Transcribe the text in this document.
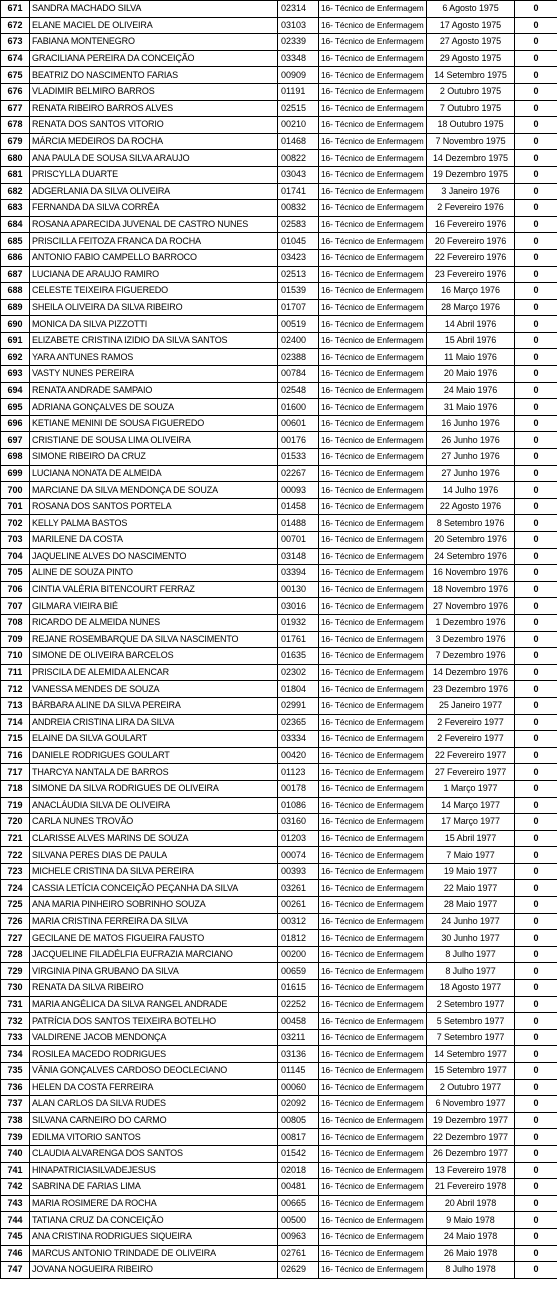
671	SANDRA MACHADO SILVA	02314	16- Técnico de Enfermagem	6 Agosto 1975	0
672	ELANE MACIEL DE OLIVEIRA	03103	16- Técnico de Enfermagem	17 Agosto 1975	0
673	FABIANA MONTENEGRO	02339	16- Técnico de Enfermagem	27 Agosto 1975	0
674	GRACILIANA PEREIRA DA CONCEIÇÃO	03348	16- Técnico de Enfermagem	29 Agosto 1975	0
675	BEATRIZ DO NASCIMENTO FARIAS	00909	16- Técnico de Enfermagem	14 Setembro 1975	0
676	VLADIMIR BELMIRO BARROS	01191	16- Técnico de Enfermagem	2 Outubro 1975	0
677	RENATA RIBEIRO BARROS ALVES	02515	16- Técnico de Enfermagem	7 Outubro 1975	0
678	RENATA DOS SANTOS VITORIO	00210	16- Técnico de Enfermagem	18 Outubro 1975	0
679	MÁRCIA MEDEIROS DA ROCHA	01468	16- Técnico de Enfermagem	7 Novembro 1975	0
680	ANA PAULA DE SOUSA SILVA ARAUJO	00822	16- Técnico de Enfermagem	14 Dezembro 1975	0
681	PRISCYLLA DUARTE	03043	16- Técnico de Enfermagem	19 Dezembro 1975	0
682	ADGERLANIA DA SILVA OLIVEIRA	01741	16- Técnico de Enfermagem	3 Janeiro 1976	0
683	FERNANDA DA SILVA CORRÊA	00832	16- Técnico de Enfermagem	2 Fevereiro 1976	0
684	ROSANA APARECIDA JUVENAL DE CASTRO NUNES	02583	16- Técnico de Enfermagem	16 Fevereiro 1976	0
685	PRISCILLA FEITOZA FRANCA DA ROCHA	01045	16- Técnico de Enfermagem	20 Fevereiro 1976	0
686	ANTONIO FABIO CAMPELLO BARROCO	03423	16- Técnico de Enfermagem	22 Fevereiro 1976	0
687	LUCIANA DE ARAUJO RAMIRO	02513	16- Técnico de Enfermagem	23 Fevereiro 1976	0
688	CELESTE TEIXEIRA FIGUEREDO	01539	16- Técnico de Enfermagem	16 Março 1976	0
689	SHEILA OLIVEIRA DA SILVA RIBEIRO	01707	16- Técnico de Enfermagem	28 Março 1976	0
690	MONICA DA SILVA PIZZOTTI	00519	16- Técnico de Enfermagem	14 Abril 1976	0
691	ELIZABETE CRISTINA IZIDIO DA SILVA SANTOS	02400	16- Técnico de Enfermagem	15 Abril 1976	0
692	YARA ANTUNES RAMOS	02388	16- Técnico de Enfermagem	11 Maio 1976	0
693	VASTY NUNES PEREIRA	00784	16- Técnico de Enfermagem	20 Maio 1976	0
694	RENATA ANDRADE SAMPAIO	02548	16- Técnico de Enfermagem	24 Maio 1976	0
695	ADRIANA GONÇALVES DE SOUZA	01600	16- Técnico de Enfermagem	31 Maio 1976	0
696	KETIANE MENINI DE SOUSA FIGUEREDO	00601	16- Técnico de Enfermagem	16 Junho 1976	0
697	CRISTIANE DE SOUSA LIMA OLIVEIRA	00176	16- Técnico de Enfermagem	26 Junho 1976	0
698	SIMONE RIBEIRO DA CRUZ	01533	16- Técnico de Enfermagem	27 Junho 1976	0
699	LUCIANA NONATA DE ALMEIDA	02267	16- Técnico de Enfermagem	27 Junho 1976	0
700	MARCIANE DA SILVA MENDONÇA DE SOUZA	00093	16- Técnico de Enfermagem	14 Julho 1976	0
701	ROSANA DOS SANTOS PORTELA	01458	16- Técnico de Enfermagem	22 Agosto 1976	0
702	KELLY PALMA BASTOS	01488	16- Técnico de Enfermagem	8 Setembro 1976	0
703	MARILENE DA COSTA	00701	16- Técnico de Enfermagem	20 Setembro 1976	0
704	JAQUELINE ALVES DO NASCIMENTO	03148	16- Técnico de Enfermagem	24 Setembro 1976	0
705	ALINE DE SOUZA PINTO	03394	16- Técnico de Enfermagem	16 Novembro 1976	0
706	CINTIA VALÉRIA BITENCOURT FERRAZ	00130	16- Técnico de Enfermagem	18 Novembro 1976	0
707	GILMARA VIEIRA BIÉ	03016	16- Técnico de Enfermagem	27 Novembro 1976	0
708	RICARDO DE ALMEIDA NUNES	01932	16- Técnico de Enfermagem	1 Dezembro 1976	0
709	REJANE ROSEMBARQUE DA SILVA NASCIMENTO	01761	16- Técnico de Enfermagem	3 Dezembro 1976	0
710	SIMONE DE OLIVEIRA BARCELOS	01635	16- Técnico de Enfermagem	7 Dezembro 1976	0
711	PRISCILA DE ALEMIDA ALENCAR	02302	16- Técnico de Enfermagem	14 Dezembro 1976	0
712	VANESSA MENDES DE SOUZA	01804	16- Técnico de Enfermagem	23 Dezembro 1976	0
713	BÁRBARA ALINE DA SILVA PEREIRA	02991	16- Técnico de Enfermagem	25 Janeiro 1977	0
714	ANDREIA CRISTINA LIRA DA SILVA	02365	16- Técnico de Enfermagem	2 Fevereiro 1977	0
715	ELAINE DA SILVA GOULART	03334	16- Técnico de Enfermagem	2 Fevereiro 1977	0
716	DANIELE RODRIGUES GOULART	00420	16- Técnico de Enfermagem	22 Fevereiro 1977	0
717	THARCYA NANTALA DE BARROS	01123	16- Técnico de Enfermagem	27 Fevereiro 1977	0
718	SIMONE DA SILVA RODRIGUES DE OLIVEIRA	00178	16- Técnico de Enfermagem	1 Março 1977	0
719	ANACLÁUDIA SILVA DE OLIVEIRA	01086	16- Técnico de Enfermagem	14 Março 1977	0
720	CARLA NUNES TROVÃO	03160	16- Técnico de Enfermagem	17 Março 1977	0
721	CLARISSE ALVES MARINS DE SOUZA	01203	16- Técnico de Enfermagem	15 Abril 1977	0
722	SILVANA PERES DIAS DE PAULA	00074	16- Técnico de Enfermagem	7 Maio 1977	0
723	MICHELE CRISTINA DA SILVA PEREIRA	00393	16- Técnico de Enfermagem	19 Maio 1977	0
724	CASSIA LETÍCIA CONCEIÇÃO PEÇANHA DA SILVA	03261	16- Técnico de Enfermagem	22 Maio 1977	0
725	ANA MARIA PINHEIRO SOBRINHO SOUZA	00261	16- Técnico de Enfermagem	28 Maio 1977	0
726	MARIA CRISTINA FERREIRA DA SILVA	00312	16- Técnico de Enfermagem	24 Junho 1977	0
727	GECILANE DE MATOS FIGUEIRA FAUSTO	01812	16- Técnico de Enfermagem	30 Junho 1977	0
728	JACQUELINE FILADÉLFIA EUFRAZIA MARCIANO	00200	16- Técnico de Enfermagem	8 Julho 1977	0
729	VIRGINIA PINA GRUBANO DA SILVA	00659	16- Técnico de Enfermagem	8 Julho 1977	0
730	RENATA DA SILVA RIBEIRO	01615	16- Técnico de Enfermagem	18 Agosto 1977	0
731	MARIA ANGÉLICA DA SILVA RANGEL ANDRADE	02252	16- Técnico de Enfermagem	2 Setembro 1977	0
732	PATRÍCIA DOS SANTOS TEIXEIRA BOTELHO	00458	16- Técnico de Enfermagem	5 Setembro 1977	0
733	VALDIRENE JACOB MENDONÇA	03211	16- Técnico de Enfermagem	7 Setembro 1977	0
734	ROSILEA MACEDO RODRIGUES	03136	16- Técnico de Enfermagem	14 Setembro 1977	0
735	VÂNIA GONÇALVES CARDOSO DEOCLECIANO	01145	16- Técnico de Enfermagem	15 Setembro 1977	0
736	HELEN DA COSTA FERREIRA	00060	16- Técnico de Enfermagem	2 Outubro 1977	0
737	ALAN CARLOS DA SILVA RUDES	02092	16- Técnico de Enfermagem	6 Novembro 1977	0
738	SILVANA CARNEIRO DO CARMO	00805	16- Técnico de Enfermagem	19 Dezembro 1977	0
739	EDILMA VITORIO SANTOS	00817	16- Técnico de Enfermagem	22 Dezembro 1977	0
740	CLAUDIA ALVARENGA DOS SANTOS	01542	16- Técnico de Enfermagem	26 Dezembro 1977	0
741	HINAPATRICIASILVADEJESUS	02018	16- Técnico de Enfermagem	13 Fevereiro 1978	0
742	SABRINA DE FARIAS LIMA	00481	16- Técnico de Enfermagem	21 Fevereiro 1978	0
743	MARIA ROSIMERE DA ROCHA	00665	16- Técnico de Enfermagem	20 Abril 1978	0
744	TATIANA CRUZ DA CONCEIÇÃO	00500	16- Técnico de Enfermagem	9 Maio 1978	0
745	ANA CRISTINA RODRIGUES SIQUEIRA	00963	16- Técnico de Enfermagem	24 Maio 1978	0
746	MARCUS ANTONIO TRINDADE DE OLIVEIRA	02761	16- Técnico de Enfermagem	26 Maio 1978	0
747	JOVANA NOGUEIRA RIBEIRO	02629	16- Técnico de Enfermagem	8 Julho 1978	0
